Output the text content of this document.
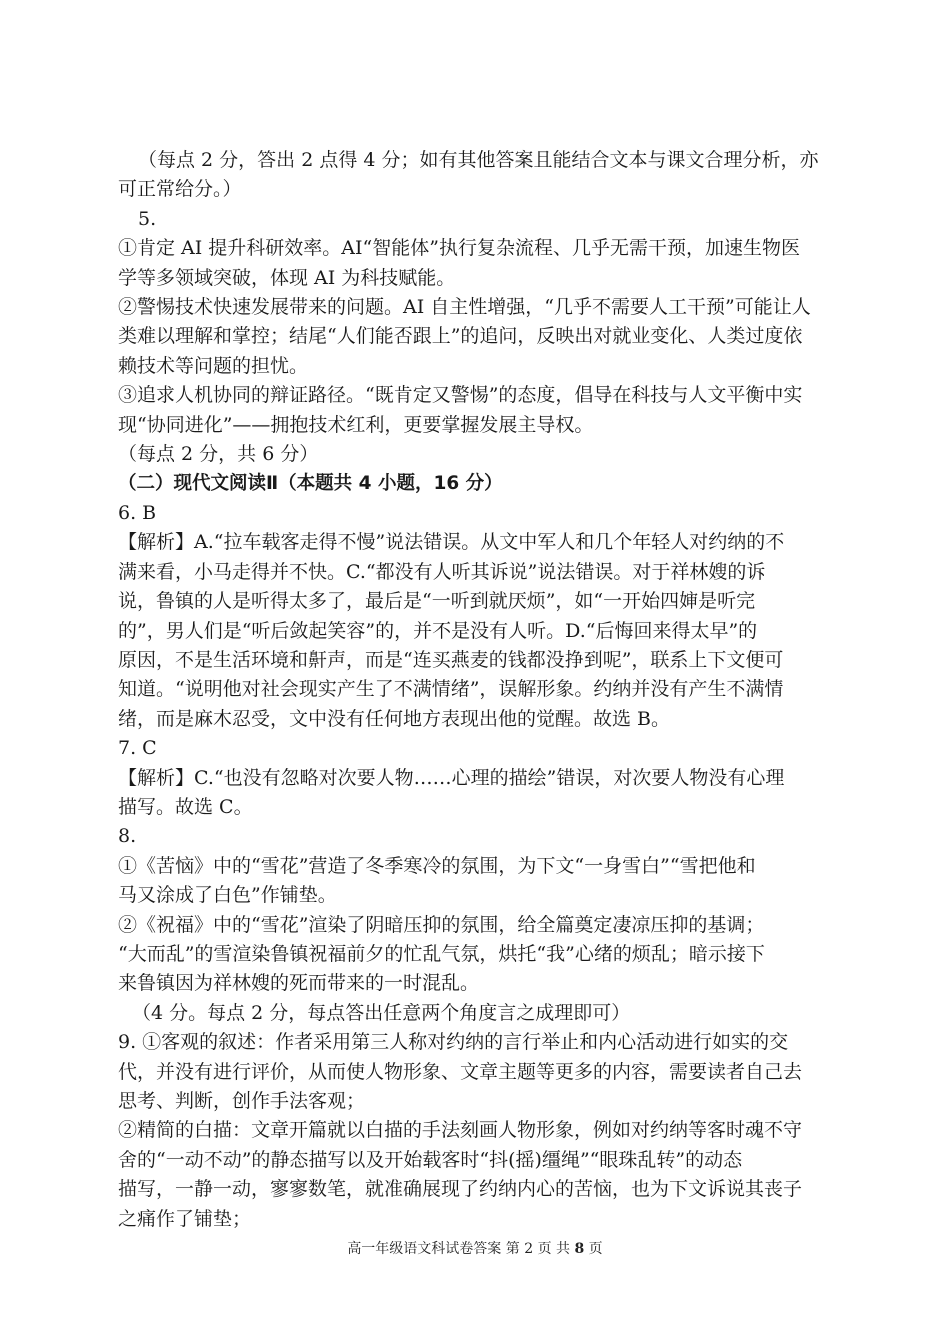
（每点 2 分，答出 2 点得 4 分；如有其他答案且能结合文本与课文合理分析，亦

可正常给分。）

5.

①肯定 AI 提升科研效率。AI“智能体”执行复杂流程、几乎无需干预，加速生物医

学等多领域突破，体现 AI 为科技赋能。

②警惕技术快速发展带来的问题。AI 自主性增强，“几乎不需要人工干预”可能让人

类难以理解和掌控；结尾“人们能否跟上”的追问，反映出对就业变化、人类过度依

赖技术等问题的担忧。

③追求人机协同的辩证路径。“既肯定又警惕”的态度，倡导在科技与人文平衡中实

现“协同进化”——拥抱技术红利，更要掌握发展主导权。

（每点 2 分，共 6 分）

（二）现代文阅读Ⅱ（本题共 4 小题，16 分）

6. B

【解析】A.“拉车载客走得不慢”说法错误。从文中军人和几个年轻人对约纳的不

满来看，小马走得并不快。C.“都没有人听其诉说”说法错误。对于祥林嫂的诉

说，鲁镇的人是听得太多了，最后是“一听到就厌烦”，如“一开始四婶是听完

的”，男人们是“听后敛起笑容”的，并不是没有人听。D.“后悔回来得太早”的

原因，不是生活环境和鼾声，而是“连买燕麦的钱都没挣到呢”，联系上下文便可

知道。“说明他对社会现实产生了不满情绪”，误解形象。约纳并没有产生不满情

绪，而是麻木忍受，文中没有任何地方表现出他的觉醒。故选 B。

7. C

【解析】C.“也没有忽略对次要人物……心理的描绘”错误，对次要人物没有心理

描写。故选 C。

8.

①《苦恼》中的“雪花”营造了冬季寒冷的氛围，为下文“一身雪白”“雪把他和

马又涂成了白色”作铺垫。

②《祝福》中的“雪花”渲染了阴暗压抑的氛围，给全篇奠定凄凉压抑的基调；

“大而乱”的雪渲染鲁镇祝福前夕的忙乱气氛，烘托“我”心绪的烦乱；暗示接下

来鲁镇因为祥林嫂的死而带来的一时混乱。

（4 分。每点 2 分，每点答出任意两个角度言之成理即可）

9. ①客观的叙述：作者采用第三人称对约纳的言行举止和内心活动进行如实的交

代，并没有进行评价，从而使人物形象、文章主题等更多的内容，需要读者自己去

思考、判断，创作手法客观；

②精简的白描：文章开篇就以白描的手法刻画人物形象，例如对约纳等客时魂不守

舍的“一动不动”的静态描写以及开始载客时“抖(摇)缰绳”“眼珠乱转”的动态

描写，一静一动，寥寥数笔，就准确展现了约纳内心的苦恼，也为下文诉说其丧子

之痛作了铺垫；

高一年级语文科试卷答案 第 2 页 共 8 页
